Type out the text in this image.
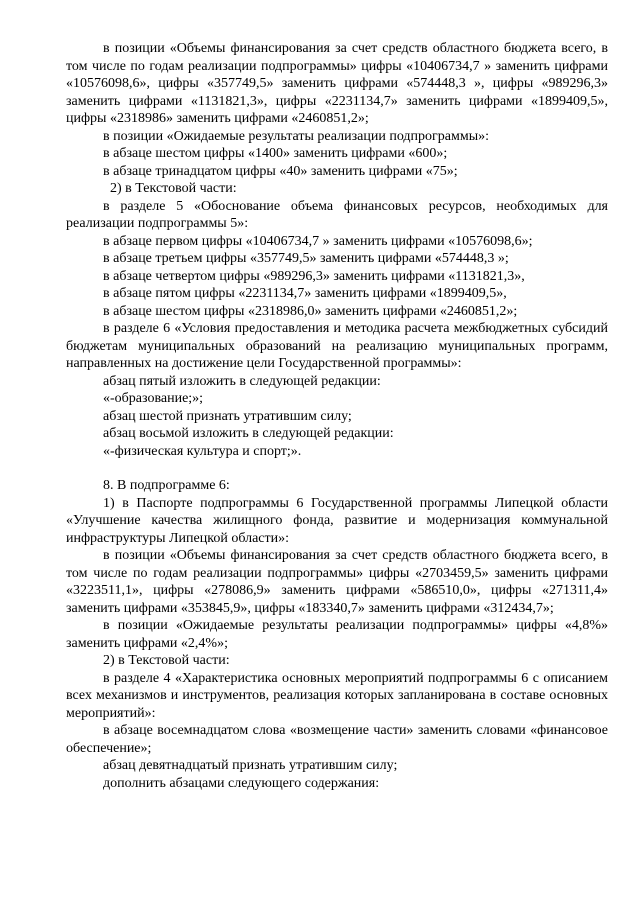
в позиции «Объемы финансирования за счет средств областного бюджета всего, в том числе по годам реализации подпрограммы» цифры «10406734,7 » заменить цифрами «10576098,6», цифры «357749,5» заменить цифрами «574448,3 », цифры «989296,3» заменить цифрами «1131821,3», цифры «2231134,7» заменить цифрами «1899409,5», цифры «2318986» заменить цифрами «2460851,2»;

в позиции «Ожидаемые результаты реализации подпрограммы»:

в абзаце шестом цифры «1400» заменить цифрами «600»;

в абзаце тринадцатом цифры «40» заменить цифрами «75»;

2) в Текстовой части:

в разделе 5 «Обоснование объема финансовых ресурсов, необходимых для реализации подпрограммы 5»:

в абзаце первом цифры «10406734,7 » заменить цифрами «10576098,6»;

в абзаце третьем цифры «357749,5» заменить цифрами «574448,3 »;

в абзаце четвертом цифры «989296,3» заменить цифрами «1131821,3»,

в абзаце пятом цифры «2231134,7» заменить цифрами «1899409,5»,

в абзаце шестом цифры «2318986,0» заменить цифрами «2460851,2»;

в разделе 6 «Условия предоставления и методика расчета межбюджетных субсидий бюджетам муниципальных образований на реализацию муниципальных программ, направленных на достижение цели Государственной программы»:

абзац пятый изложить в следующей редакции:

«-образование;»;

абзац шестой признать утратившим силу;

абзац восьмой изложить в следующей редакции:

«-физическая культура и спорт;».

8. В подпрограмме 6:

1) в Паспорте подпрограммы 6 Государственной программы Липецкой области «Улучшение качества жилищного фонда, развитие и модернизация коммунальной инфраструктуры Липецкой области»:

в позиции «Объемы финансирования за счет средств областного бюджета всего, в том числе по годам реализации подпрограммы» цифры «2703459,5» заменить цифрами «3223511,1», цифры «278086,9» заменить цифрами «586510,0», цифры «271311,4» заменить цифрами «353845,9», цифры «183340,7» заменить цифрами «312434,7»;

в позиции «Ожидаемые результаты реализации подпрограммы» цифры «4,8%» заменить цифрами «2,4%»;

2) в Текстовой части:

в разделе 4 «Характеристика основных мероприятий подпрограммы 6 с описанием всех механизмов и инструментов, реализация которых запланирована в составе основных мероприятий»:

в абзаце восемнадцатом слова «возмещение части» заменить словами «финансовое обеспечение»;

абзац девятнадцатый признать утратившим силу;

дополнить абзацами следующего содержания:
